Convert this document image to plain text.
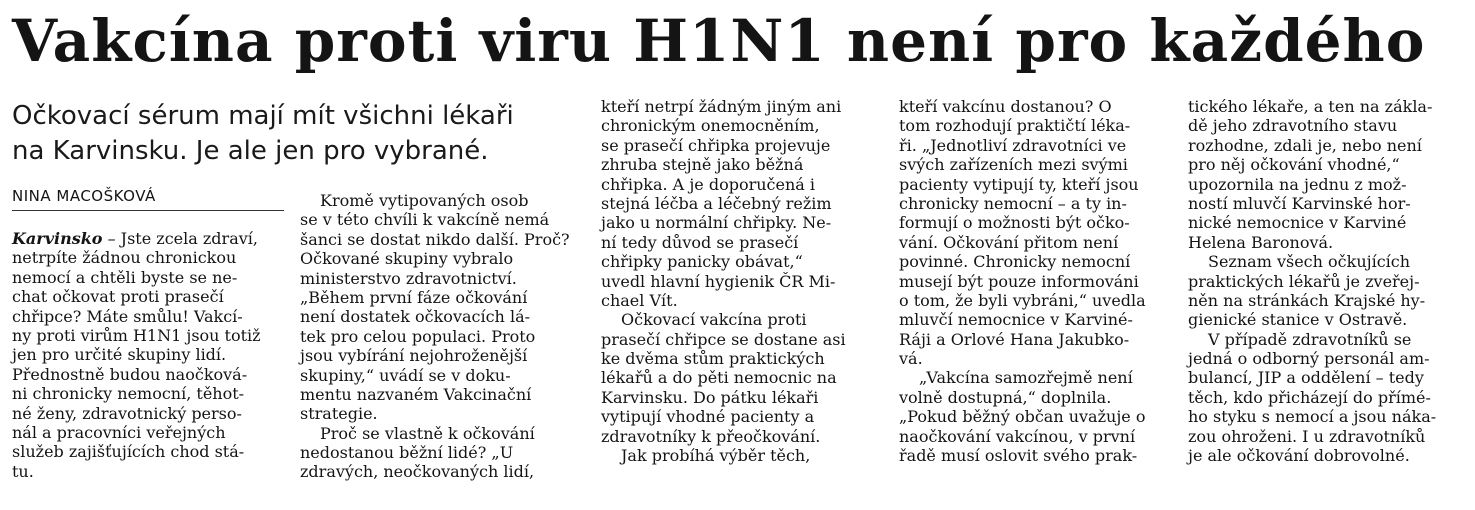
Vakcína proti viru H1N1 není pro každého
Očkovací sérum mají mít všichni lékaři
na Karvinsku. Je ale jen pro vybrané.
NINA MACOŠKOVÁ
Karvinsko – Jste zcela zdraví,
netrpíte žádnou chronickou
nemocí a chtěli byste se ne-
chat očkovat proti prasečí
chřipce? Máte smůlu! Vakcí-
ny proti virům H1N1 jsou totiž
jen pro určité skupiny lidí.
Přednostně budou naočková-
ni chronicky nemocní, těhot-
né ženy, zdravotnický perso-
nál a pracovníci veřejných
služeb zajišťujících chod stá-
tu.
Kromě vytipovaných osob
se v této chvíli k vakcíně nemá
šanci se dostat nikdo další. Proč?
Očkované skupiny vybralo
ministerstvo zdravotnictví.
„Během první fáze očkování
není dostatek očkovacích lá-
tek pro celou populaci. Proto
jsou vybírání nejohroženější
skupiny,“ uvádí se v doku-
mentu nazvaném Vakcinační
strategie.
Proč se vlastně k očkování
nedostanou běžní lidé? „U
zdravých, neočkovaných lidí,
kteří netrpí žádným jiným ani
chronickým onemocněním,
se prasečí chřipka projevuje
zhruba stejně jako běžná
chřipka. A je doporučená i
stejná léčba a léčebný režim
jako u normální chřipky. Ne-
ní tedy důvod se prasečí
chřipky panicky obávat,“
uvedl hlavní hygienik ČR Mi-
chael Vít.
Očkovací vakcína proti
prasečí chřipce se dostane asi
ke dvěma stům praktických
lékařů a do pěti nemocnic na
Karvinsku. Do pátku lékaři
vytipují vhodné pacienty a
zdravotníky k přeočkování.
Jak probíhá výběr těch,
kteří vakcínu dostanou? O
tom rozhodují praktičtí léka-
ři. „Jednotliví zdravotníci ve
svých zařízeních mezi svými
pacienty vytipují ty, kteří jsou
chronicky nemocní – a ty in-
formují o možnosti být očko-
vání. Očkování přitom není
povinné. Chronicky nemocní
musejí být pouze informováni
o tom, že byli vybráni,“ uvedla
mluvčí nemocnice v Karviné-
Ráji a Orlové Hana Jakubko-
vá.
„Vakcína samozřejmě není
volně dostupná,“ doplnila.
„Pokud běžný občan uvažuje o
naočkování vakcínou, v první
řadě musí oslovit svého prak-
tického lékaře, a ten na zákla-
dě jeho zdravotního stavu
rozhodne, zdali je, nebo není
pro něj očkování vhodné,“
upozornila na jednu z mož-
ností mluvčí Karvinské hor-
nické nemocnice v Karviné
Helena Baronová.
Seznam všech očkujících
praktických lékařů je zveřej-
něn na stránkách Krajské hy-
gienické stanice v Ostravě.
V případě zdravotníků se
jedná o odborný personál am-
bulancí, JIP a oddělení – tedy
těch, kdo přicházejí do přímé-
ho styku s nemocí a jsou náka-
zou ohroženi. I u zdravotníků
je ale očkování dobrovolné.
